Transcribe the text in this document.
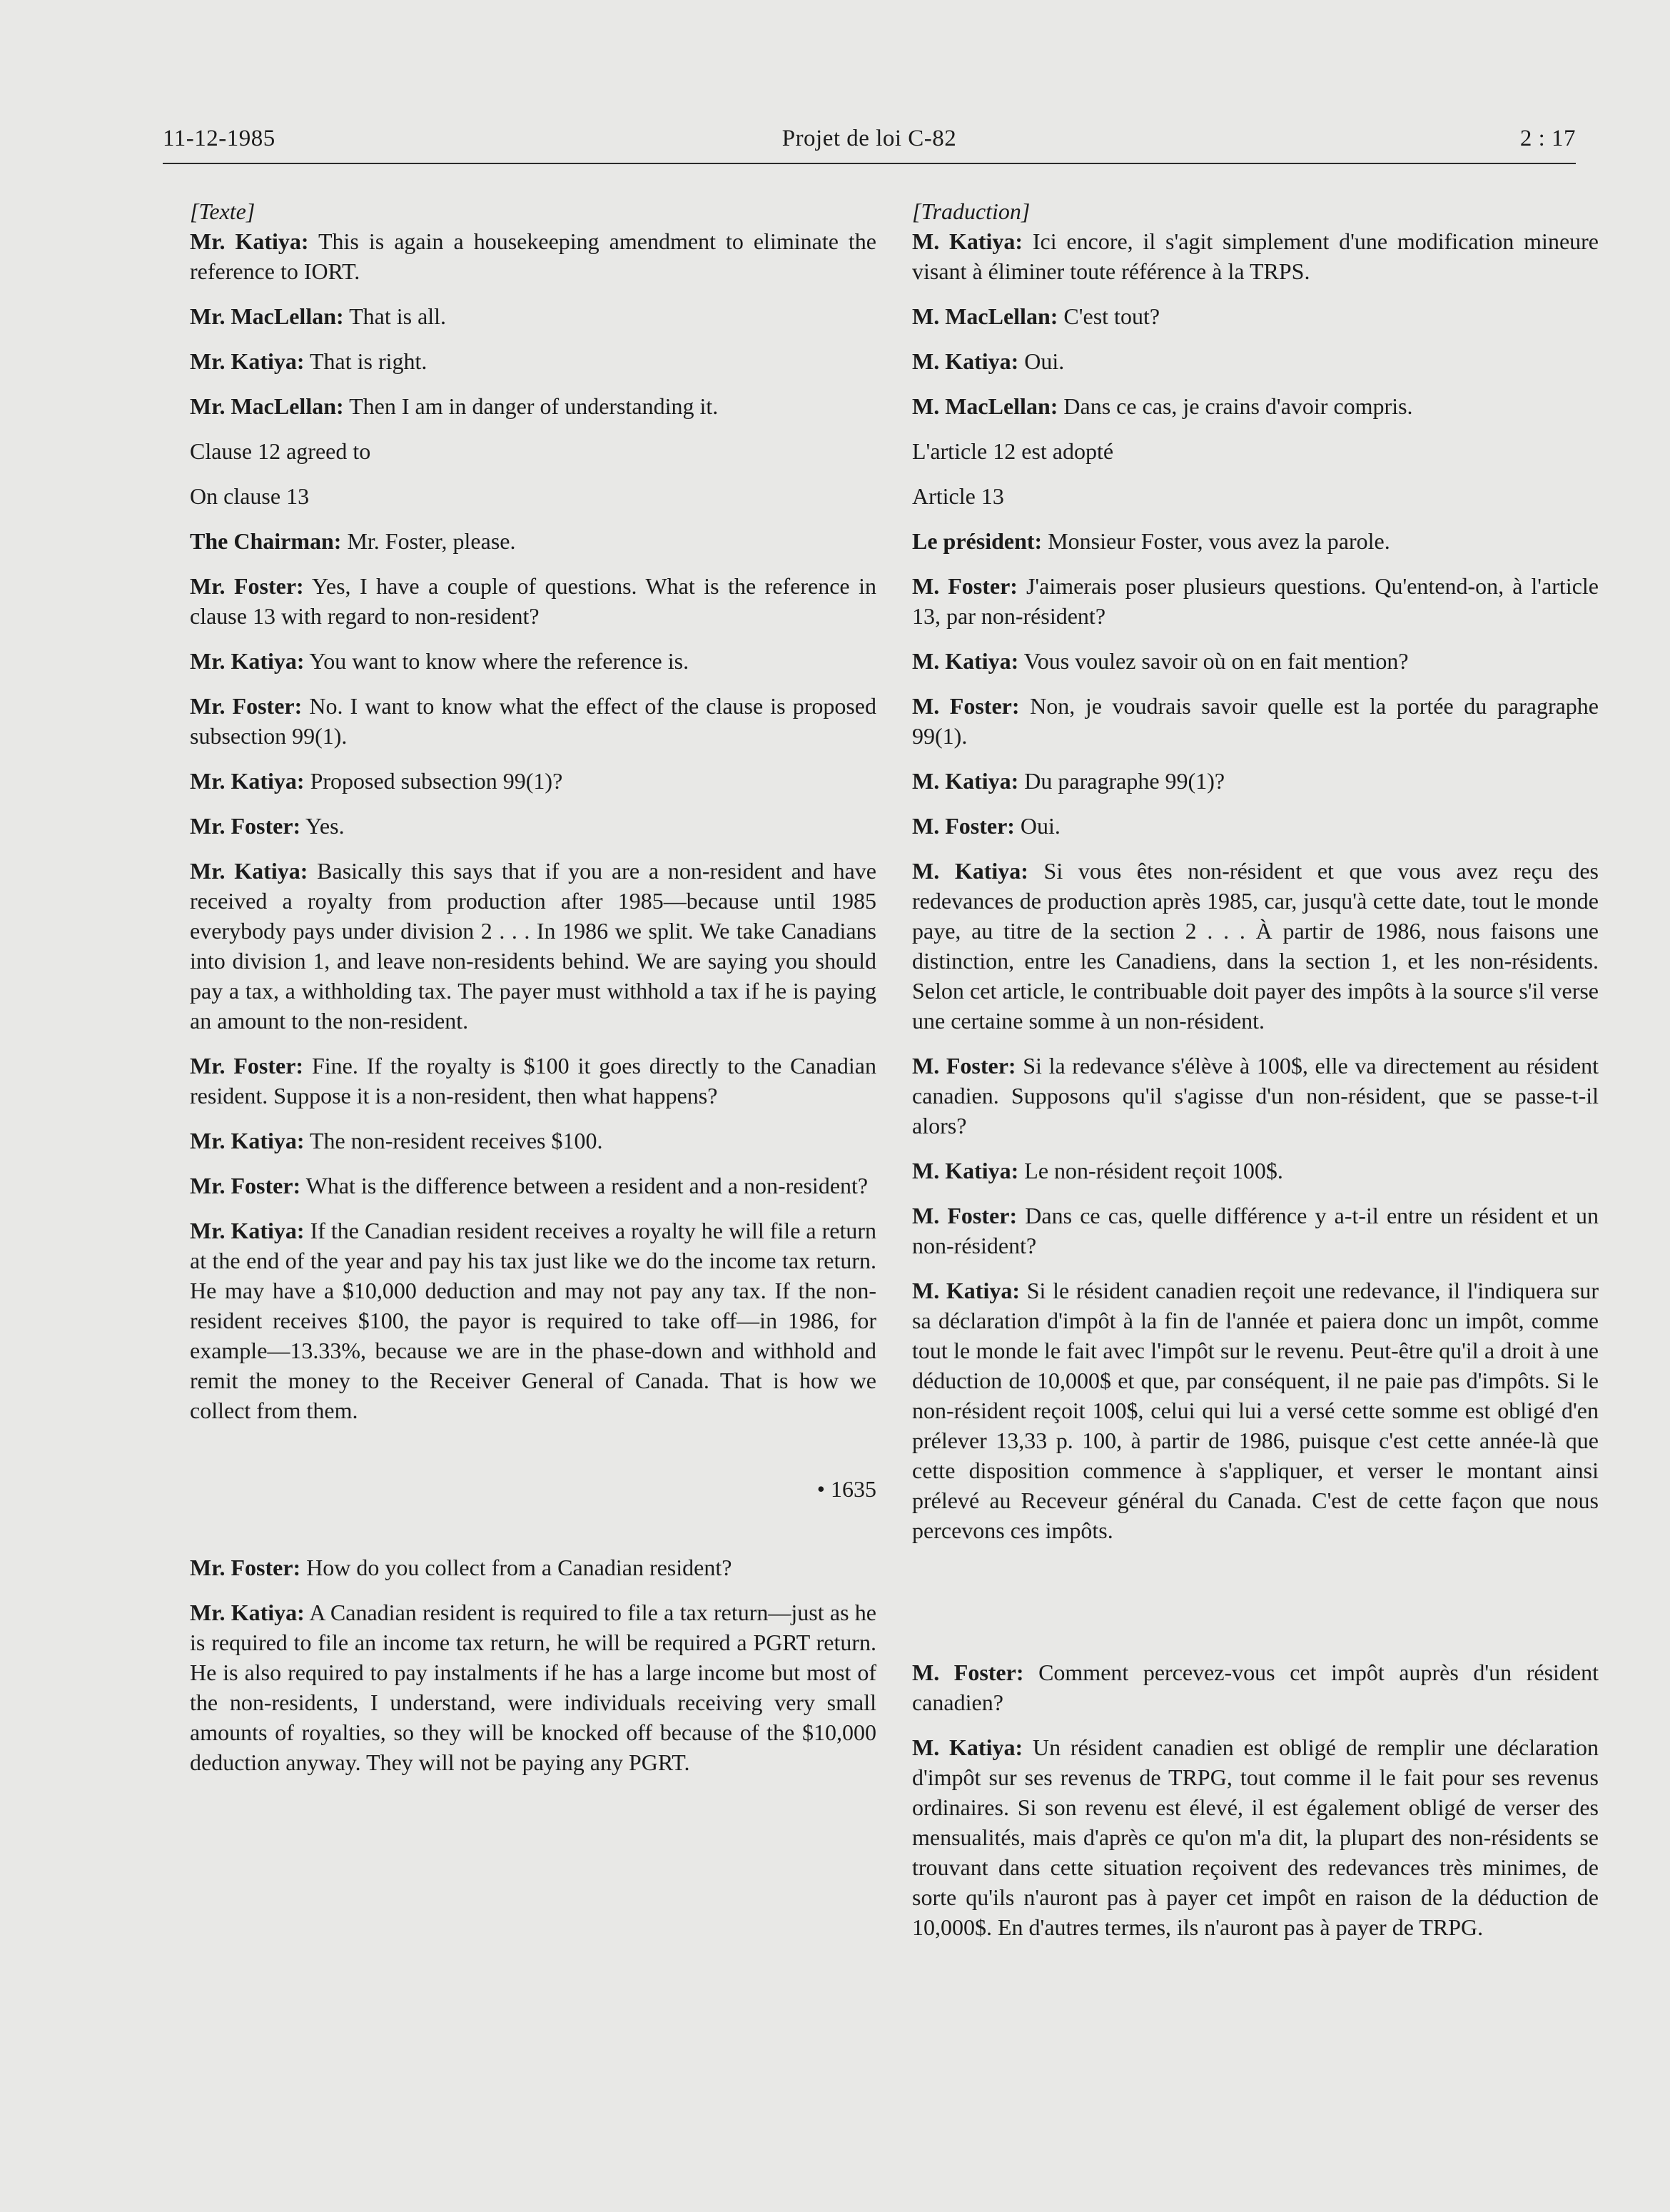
11-12-1985	Projet de loi C-82	2 : 17
[Texte]
Mr. Katiya: This is again a housekeeping amendment to eliminate the reference to IORT.
Mr. MacLellan: That is all.
Mr. Katiya: That is right.
Mr. MacLellan: Then I am in danger of understanding it.
Clause 12 agreed to
On clause 13
The Chairman: Mr. Foster, please.
Mr. Foster: Yes, I have a couple of questions. What is the reference in clause 13 with regard to non-resident?
Mr. Katiya: You want to know where the reference is.
Mr. Foster: No. I want to know what the effect of the clause is proposed subsection 99(1).
Mr. Katiya: Proposed subsection 99(1)?
Mr. Foster: Yes.
Mr. Katiya: Basically this says that if you are a non-resident and have received a royalty from production after 1985—because until 1985 everybody pays under division 2 . . . In 1986 we split. We take Canadians into division 1, and leave non-residents behind. We are saying you should pay a tax, a withholding tax. The payer must withhold a tax if he is paying an amount to the non-resident.
Mr. Foster: Fine. If the royalty is $100 it goes directly to the Canadian resident. Suppose it is a non-resident, then what happens?
Mr. Katiya: The non-resident receives $100.
Mr. Foster: What is the difference between a resident and a non-resident?
Mr. Katiya: If the Canadian resident receives a royalty he will file a return at the end of the year and pay his tax just like we do the income tax return. He may have a $10,000 deduction and may not pay any tax. If the non-resident receives $100, the payor is required to take off—in 1986, for example—13.33%, because we are in the phase-down and withhold and remit the money to the Receiver General of Canada. That is how we collect from them.
• 1635
Mr. Foster: How do you collect from a Canadian resident?
Mr. Katiya: A Canadian resident is required to file a tax return—just as he is required to file an income tax return, he will be required a PGRT return. He is also required to pay instalments if he has a large income but most of the non-residents, I understand, were individuals receiving very small amounts of royalties, so they will be knocked off because of the $10,000 deduction anyway. They will not be paying any PGRT.
[Traduction]
M. Katiya: Ici encore, il s'agit simplement d'une modification mineure visant à éliminer toute référence à la TRPS.
M. MacLellan: C'est tout?
M. Katiya: Oui.
M. MacLellan: Dans ce cas, je crains d'avoir compris.
L'article 12 est adopté
Article 13
Le président: Monsieur Foster, vous avez la parole.
M. Foster: J'aimerais poser plusieurs questions. Qu'entend-on, à l'article 13, par non-résident?
M. Katiya: Vous voulez savoir où on en fait mention?
M. Foster: Non, je voudrais savoir quelle est la portée du paragraphe 99(1).
M. Katiya: Du paragraphe 99(1)?
M. Foster: Oui.
M. Katiya: Si vous êtes non-résident et que vous avez reçu des redevances de production après 1985, car, jusqu'à cette date, tout le monde paye, au titre de la section 2 . . . À partir de 1986, nous faisons une distinction, entre les Canadiens, dans la section 1, et les non-résidents. Selon cet article, le contribuable doit payer des impôts à la source s'il verse une certaine somme à un non-résident.
M. Foster: Si la redevance s'élève à 100$, elle va directement au résident canadien. Supposons qu'il s'agisse d'un non-résident, que se passe-t-il alors?
M. Katiya: Le non-résident reçoit 100$.
M. Foster: Dans ce cas, quelle différence y a-t-il entre un résident et un non-résident?
M. Katiya: Si le résident canadien reçoit une redevance, il l'indiquera sur sa déclaration d'impôt à la fin de l'année et paiera donc un impôt, comme tout le monde le fait avec l'impôt sur le revenu. Peut-être qu'il a droit à une déduction de 10,000$ et que, par conséquent, il ne paie pas d'impôts. Si le non-résident reçoit 100$, celui qui lui a versé cette somme est obligé d'en prélever 13,33 p. 100, à partir de 1986, puisque c'est cette année-là que cette disposition commence à s'appliquer, et verser le montant ainsi prélevé au Receveur général du Canada. C'est de cette façon que nous percevons ces impôts.
M. Foster: Comment percevez-vous cet impôt auprès d'un résident canadien?
M. Katiya: Un résident canadien est obligé de remplir une déclaration d'impôt sur ses revenus de TRPG, tout comme il le fait pour ses revenus ordinaires. Si son revenu est élevé, il est également obligé de verser des mensualités, mais d'après ce qu'on m'a dit, la plupart des non-résidents se trouvant dans cette situation reçoivent des redevances très minimes, de sorte qu'ils n'auront pas à payer cet impôt en raison de la déduction de 10,000$. En d'autres termes, ils n'auront pas à payer de TRPG.
